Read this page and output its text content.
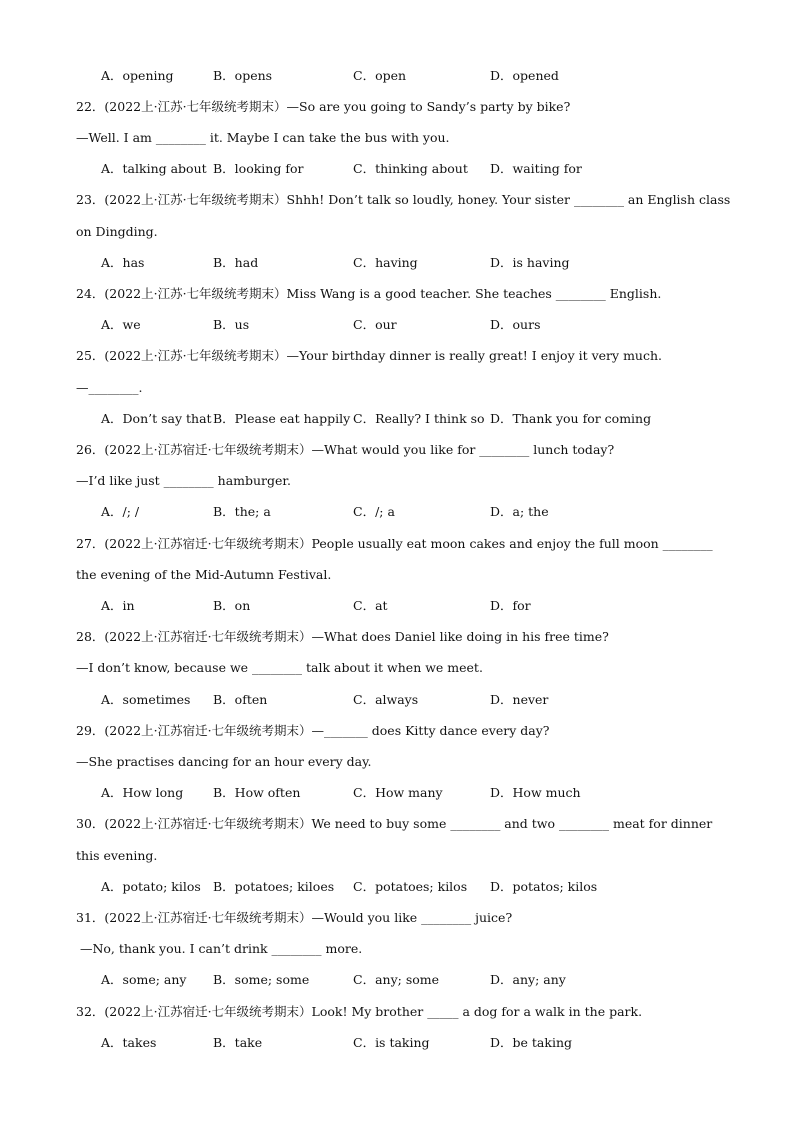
A．opening	B．opens	C．open	D．opened
22．(2022上·江苏·七年级统考期末）—So are you going to Sandy’s party by bike?
—Well. I am ________ it. Maybe I can take the bus with you.
A．talking about B．looking for	C．thinking about D．waiting for
23．(2022上·江苏·七年级统考期末）Shhh! Don’t talk so loudly, honey. Your sister ________ an English class
on Dingding.
A．has	B．had	C．having	D．is having
24．(2022上·江苏·七年级统考期末）Miss Wang is a good teacher. She teaches ________ English.
A．we	B．us	C．our	D．ours
25．(2022上·江苏·七年级统考期末）—Your birthday dinner is really great! I enjoy it very much.
—________.
A．Don’t say that B．Please eat happily C．Really? I think so D．Thank you for coming
26．(2022上·江苏宿迁·七年级统考期末）—What would you like for ________ lunch today?
—I’d like just ________ hamburger.
A．/; /	B．the; a	C．/; a	D．a; the
27．(2022上·江苏宿迁·七年级统考期末）People usually eat moon cakes and enjoy the full moon ________
the evening of the Mid-Autumn Festival.
A．in	B．on	C．at	D．for
28．(2022上·江苏宿迁·七年级统考期末）—What does Daniel like doing in his free time?
—I don’t know, because we ________ talk about it when we meet.
A．sometimes B．often	C．always	D．never
29．(2022上·江苏宿迁·七年级统考期末）—_______ does Kitty dance every day?
—She practises dancing for an hour every day.
A．How long B．How often	C．How many	D．How much
30．(2022上·江苏宿迁·七年级统考期末）We need to buy some ________ and two ________ meat for dinner
this evening.
A．potato; kilos B．potatoes; kiloes C．potatoes; kilos D．potatos; kilos
31．(2022上·江苏宿迁·七年级统考期末）—Would you like ________ juice?
—No, thank you. I can’t drink ________ more.
A．some; any B．some; some	C．any; some	D．any; any
32．(2022上·江苏宿迁·七年级统考期末）Look! My brother _____ a dog for a walk in the park.
A．takes	B．take	C．is taking	D．be taking
